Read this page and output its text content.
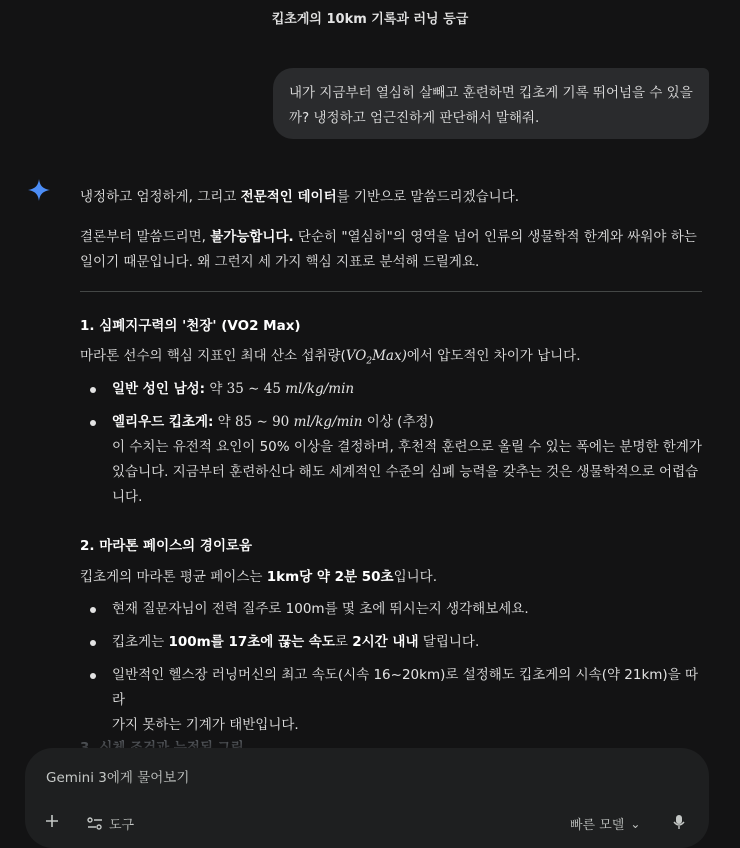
킵초게의 10km 기록과 러닝 등급
내가 지금부터 열심히 살빼고 훈련하면 킵초게 기록 뛰어넘을 수 있을
까? 냉정하고 엄근진하게 판단해서 말해줘.

냉정하고 엄정하게, 그리고 전문적인 데이터를 기반으로 말씀드리겠습니다.

결론부터 말씀드리면, 불가능합니다. 단순히 "열심히"의 영역을 넘어 인류의 생물학적 한계와 싸워야 하는
일이기 때문입니다. 왜 그런지 세 가지 핵심 지표로 분석해 드릴게요.

1. 심폐지구력의 '천장' (VO2 Max)

마라톤 선수의 핵심 지표인 최대 산소 섭취량$(VO_2Max)$에서 압도적인 차이가 납니다.

일반 성인 남성: 약 35 ∼ 45 ml/kg/min
엘리우드 킵초게: 약 85 ∼ 90 ml/kg/min 이상 (추정)
이 수치는 유전적 요인이 50% 이상을 결정하며, 후천적 훈련으로 올릴 수 있는 폭에는 분명한 한계가
있습니다. 지금부터 훈련하신다 해도 세계적인 수준의 심폐 능력을 갖추는 것은 생물학적으로 어렵습
니다.

2. 마라톤 페이스의 경이로움

킵초게의 마라톤 평균 페이스는 1km당 약 2분 50초입니다.

현재 질문자님이 전력 질주로 100m를 몇 초에 뛰시는지 생각해보세요.
킵초게는 100m를 17초에 끊는 속도로 2시간 내내 달립니다.
일반적인 헬스장 러닝머신의 최고 속도(시속 16~20km)로 설정해도 킵초게의 시속(약 21km)을 따라
가지 못하는 기계가 태반입니다.
Gemini 3에게 물어보기
도구	빠른 모델 ⌄
